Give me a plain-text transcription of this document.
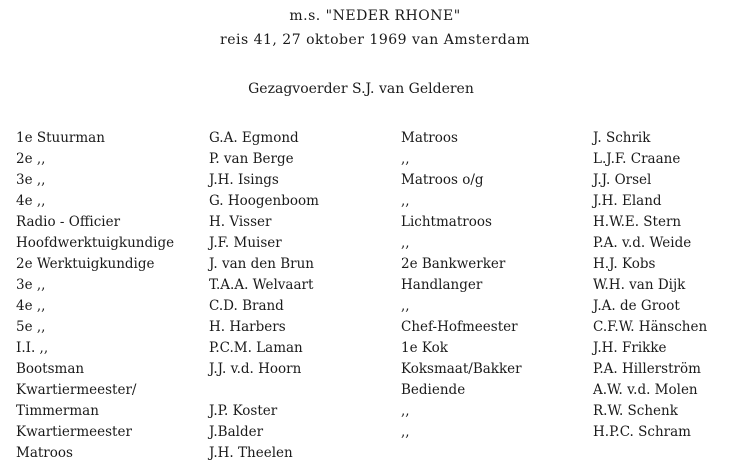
m.s. "NEDER RHONE"
reis 41, 27 oktober 1969 van Amsterdam
Gezagvoerder S.J. van Gelderen
1e Stuurman
2e ,,
3e ,,
4e ,,
Radio - Officier
Hoofdwerktuigkundige
2e Werktuigkundige
3e ,,
4e ,,
5e ,,
I.I. ,,
Bootsman
Kwartiermeester/
Timmerman
Kwartiermeester
Matroos
G.A. Egmond
P. van Berge
J.H. Isings
G. Hoogenboom
H. Visser
J.F. Muiser
J. van den Brun
T.A.A. Welvaart
C.D. Brand
H. Harbers
P.C.M. Laman
J.J. v.d. Hoorn
J.P. Koster
J.Balder
J.H. Theelen
Matroos
,,
Matroos o/g
,,
Lichtmatroos
,,
2e Bankwerker
Handlanger
,,
Chef-Hofmeester
1e Kok
Koksmaat/Bakker
Bediende
,,
,,
J. Schrik
L.J.F. Craane
J.J. Orsel
J.H. Eland
H.W.E. Stern
P.A. v.d. Weide
H.J. Kobs
W.H. van Dijk
J.A. de Groot
C.F.W. Hänschen
J.H. Frikke
P.A. Hillerström
A.W. v.d. Molen
R.W. Schenk
H.P.C. Schram
